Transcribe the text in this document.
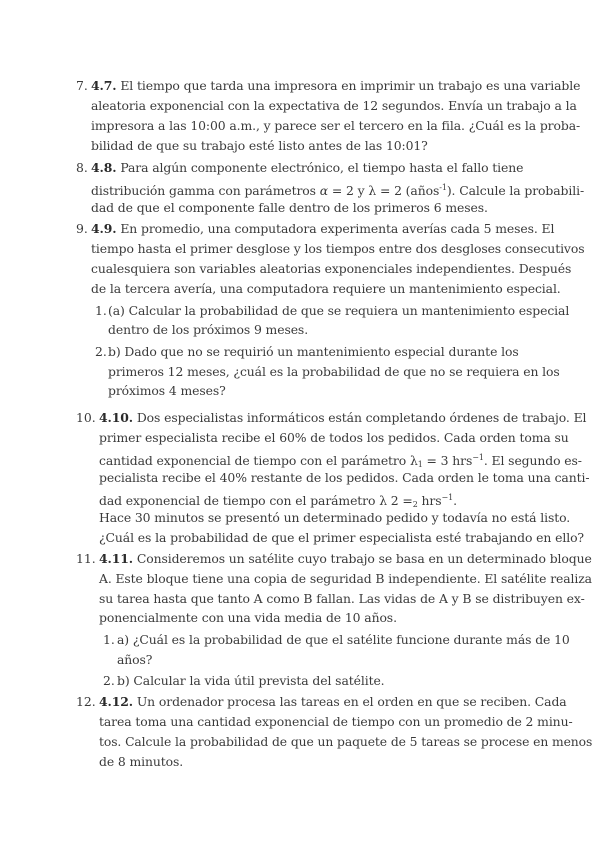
7. 4.7. El tiempo que tarda una impresora en imprimir un trabajo es una variable
aleatoria exponencial con la expectativa de 12 segundos. Envía un trabajo a la
impresora a las 10:00 a.m., y parece ser el tercero en la fila. ¿Cuál es la proba-
bilidad de que su trabajo esté listo antes de las 10:01?
8. 4.8. Para algún componente electrónico, el tiempo hasta el fallo tiene
distribución gamma con parámetros α = 2 y λ = 2 (años$^{-1}$). Calcule la probabili-
dad de que el componente falle dentro de los primeros 6 meses.
9. 4.9. En promedio, una computadora experimenta averías cada 5 meses. El
tiempo hasta el primer desglose y los tiempos entre dos desgloses consecutivos
cualesquiera son variables aleatorias exponenciales independientes. Después
de la tercera avería, una computadora requiere un mantenimiento especial.
1. (a) Calcular la probabilidad de que se requiera un mantenimiento especial
dentro de los próximos 9 meses.
2. b) Dado que no se requirió un mantenimiento especial durante los
primeros 12 meses, ¿cuál es la probabilidad de que no se requiera en los
próximos 4 meses?
10. 4.10. Dos especialistas informáticos están completando órdenes de trabajo. El
primer especialista recibe el 60% de todos los pedidos. Cada orden toma su
cantidad exponencial de tiempo con el parámetro $\lambda_1 = 3$ hrs$^{-1}$. El segundo es-
pecialista recibe el 40% restante de los pedidos. Cada orden le toma una canti-
dad exponencial de tiempo con el parámetro λ $2 =_2$ hrs$^{-1}$.
Hace 30 minutos se presentó un determinado pedido y todavía no está listo.
¿Cuál es la probabilidad de que el primer especialista esté trabajando en ello?
11. 4.11. Consideremos un satélite cuyo trabajo se basa en un determinado bloque
A. Este bloque tiene una copia de seguridad B independiente. El satélite realiza
su tarea hasta que tanto A como B fallan. Las vidas de A y B se distribuyen ex-
ponencialmente con una vida media de 10 años.
1. a) ¿Cuál es la probabilidad de que el satélite funcione durante más de 10
años?
2. b) Calcular la vida útil prevista del satélite.
12. 4.12. Un ordenador procesa las tareas en el orden en que se reciben. Cada
tarea toma una cantidad exponencial de tiempo con un promedio de 2 minu-
tos. Calcule la probabilidad de que un paquete de 5 tareas se procese en menos
de 8 minutos.
